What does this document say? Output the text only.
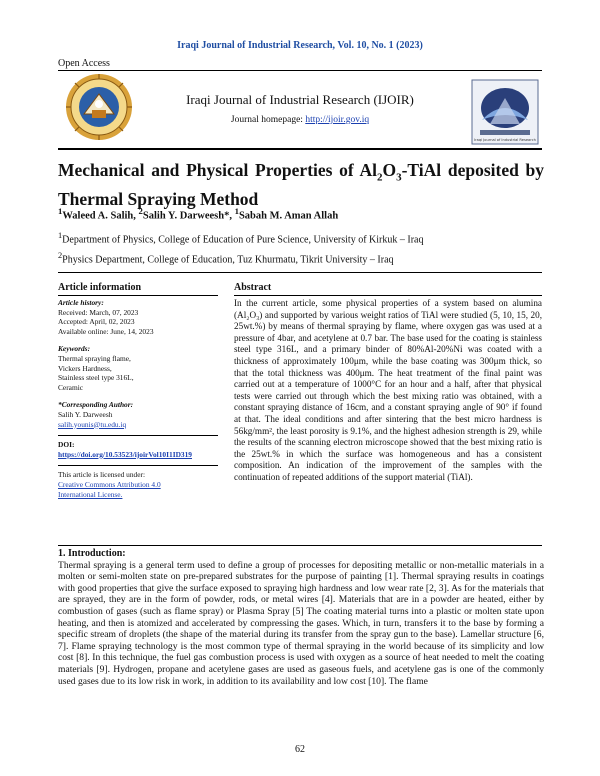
Iraqi Journal of Industrial Research, Vol. 10, No. 1 (2023)
Open Access
Iraqi Journal of Industrial Research (IJOIR)
Journal homepage: http://ijoir.gov.iq
Iraqi Journal of Industrial Research
Mechanical and Physical Properties of $Al_2O_3$-TiAl deposited by Thermal Spraying Method
$^1$Waleed A. Salih, $^2$Salih Y. Darweesh*, $^1$Sabah M. Aman Allah
$^1$Department of Physics, College of Education of Pure Science, University of Kirkuk – Iraq
$^2$Physics Department, College of Education, Tuz Khurmatu, Tikrit University – Iraq
Article information
Article history:
Received: March, 07, 2023
Accepted: April, 02, 2023
Available online: June, 14, 2023
Keywords:
Thermal spraying flame,
Vickers Hardness,
Stainless steel type 316L,
Ceramic
*Corresponding Author:
Salih Y. Darweesh
salih.younis@tu.edu.iq
DOI:
https://doi.org/10.53523/ijoirVol10I1ID319
This article is licensed under:
Creative Commons Attribution 4.0
International License.
Abstract

In the current article, some physical properties of a system based on alumina (Al₂O₃) and supported by various weight ratios of TiAl were studied (5, 10, 15, 20, 25wt.%) by means of thermal spraying by flame, where oxygen gas was used at a pressure of 4bar, and acetylene at 0.7 bar. The base used for the coating is stainless steel type 316L, and a primary binder of 80%Al-20%Ni was coated with a thickness of approximately 100μm, while the base coating was 300μm thick, so that the total thickness was 400μm. The heat treatment of the final paint was carried out at a temperature of 1000°C for an hour and a half, after that physical tests were carried out through which the best mixing ratio was obtained, with a constant spraying distance of 16cm, and a constant spraying angle of 90° if found at that. The ideal conditions and after sintering that the best micro hardness is 56kg/mm², the least porosity is 9.1%, and the highest adhesion strength is 29, while the results of the scanning electron microscope showed that the best mixing ratio is the 25wt.% in which the surface was homogeneous and has a consistent composition. An indication of the improvement of the samples with the continuation of repeated additions of the support material (TiAl).

1. Introduction:

Thermal spraying is a general term used to define a group of processes for depositing metallic or non-metallic materials in a molten or semi-molten state on pre-prepared substrates for the purpose of painting [1]. Thermal spraying results in coatings with good properties that give the surface exposed to spraying high hardness and low wear rate [2, 3]. As for the materials that are sprayed, they are in the form of powder, rods, or metal wires [4]. Materials that are in a powder are heated, either by combustion of gases (such as flame spray) or Plasma Spray [5] The coating material turns into a plastic or molten state upon heating, and then is atomized and accelerated by compressing the gases. Which, in turn, transfers it to the base by forming a specific stream of droplets (the shape of the material during its transfer from the spray gun to the base). Lamellar structure [6, 7]. Flame spraying technology is the most common type of thermal spraying in the world because of its simplicity and low cost [8]. In this technique, the fuel gas combustion process is used with oxygen as a source of heat needed to melt the coating materials [9]. Hydrogen, propane and acetylene gases are used as gaseous fuels, and acetylene gas is one of the commonly used gases due to its low risk in work, in addition to its availability and low cost [10]. The flame

62
